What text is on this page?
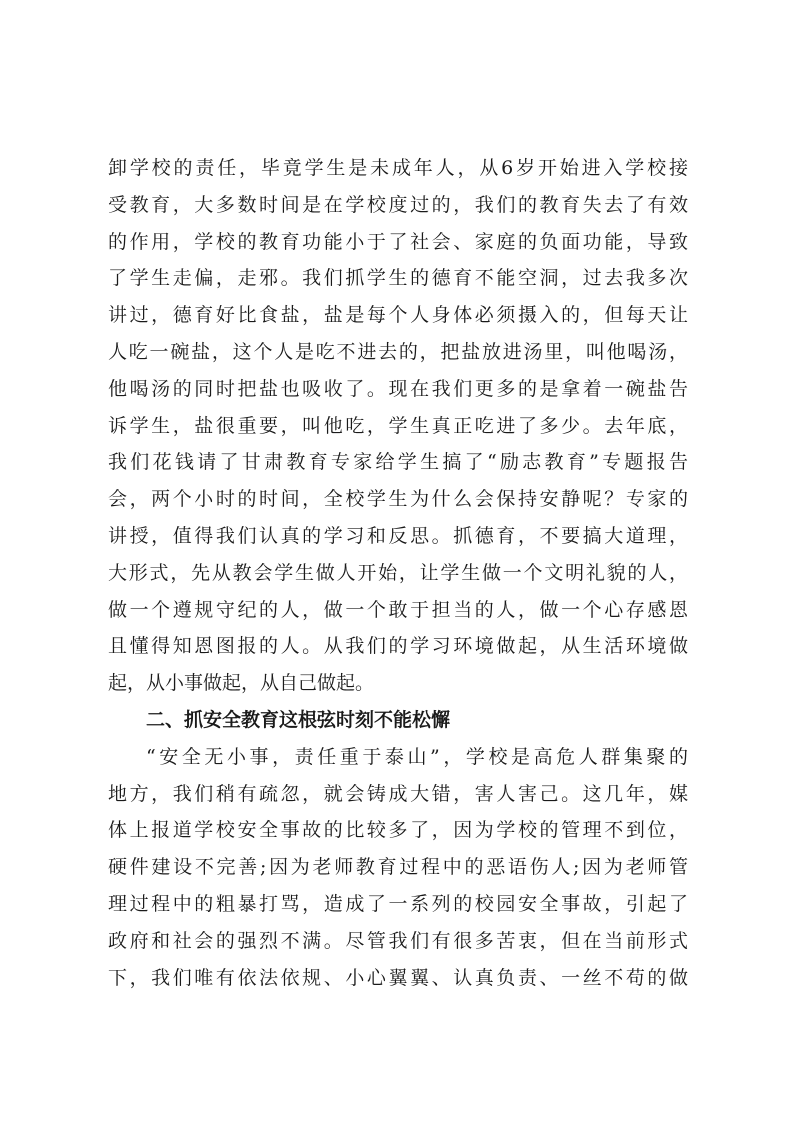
卸学校的责任，毕竟学生是未成年人，从6岁开始进入学校接
受教育，大多数时间是在学校度过的，我们的教育失去了有效
的作用，学校的教育功能小于了社会、家庭的负面功能，导致
了学生走偏，走邪。我们抓学生的德育不能空洞，过去我多次
讲过，德育好比食盐，盐是每个人身体必须摄入的，但每天让
人吃一碗盐，这个人是吃不进去的，把盐放进汤里，叫他喝汤，
他喝汤的同时把盐也吸收了。现在我们更多的是拿着一碗盐告
诉学生，盐很重要，叫他吃，学生真正吃进了多少。去年底，
我们花钱请了甘肃教育专家给学生搞了“励志教育”专题报告
会，两个小时的时间，全校学生为什么会保持安静呢？专家的
讲授，值得我们认真的学习和反思。抓德育，不要搞大道理，
大形式，先从教会学生做人开始，让学生做一个文明礼貌的人，
做一个遵规守纪的人，做一个敢于担当的人，做一个心存感恩
且懂得知恩图报的人。从我们的学习环境做起，从生活环境做
起，从小事做起，从自己做起。
二、抓安全教育这根弦时刻不能松懈
“安全无小事，责任重于泰山”，学校是高危人群集聚的
地方，我们稍有疏忽，就会铸成大错，害人害己。这几年，媒
体上报道学校安全事故的比较多了，因为学校的管理不到位，
硬件建设不完善;因为老师教育过程中的恶语伤人;因为老师管
理过程中的粗暴打骂，造成了一系列的校园安全事故，引起了
政府和社会的强烈不满。尽管我们有很多苦衷，但在当前形式
下，我们唯有依法依规、小心翼翼、认真负责、一丝不苟的做
